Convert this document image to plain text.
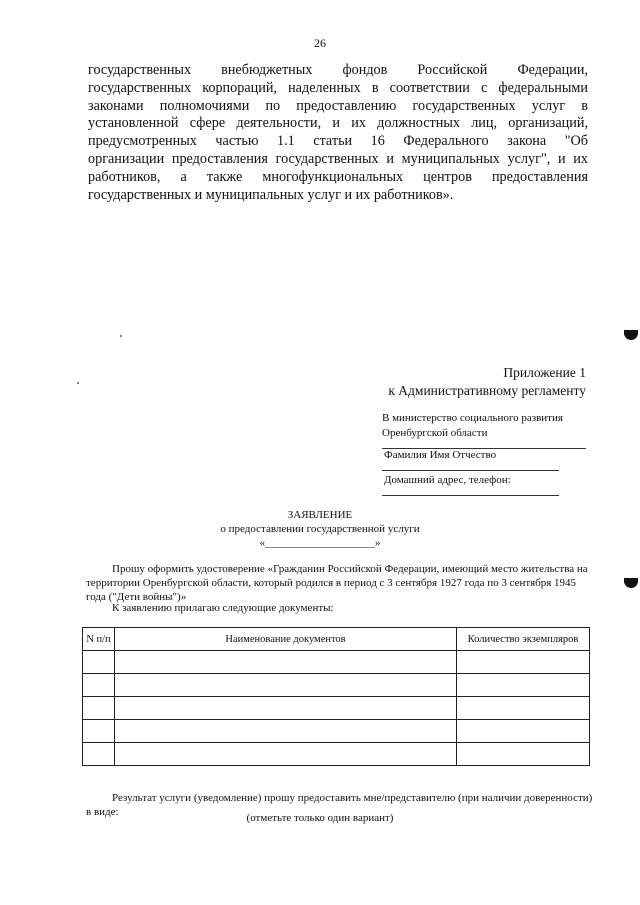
26
государственных внебюджетных фондов Российской Федерации,
государственных корпораций, наделенных в соответствии с федеральными
законами полномочиями по предоставлению государственных услуг в
установленной сфере деятельности, и их должностных лиц, организаций,
предусмотренных частью 1.1 статьи 16 Федерального закона "Об
организации предоставления государственных и муниципальных услуг", и их
работников, а также многофункциональных центров предоставления
государственных и муниципальных услуг и их работников».
Приложение 1
к Административному регламенту
В министерство социального развития
Оренбургской области
Фамилия Имя Отчество
Домашний адрес, телефон:
ЗАЯВЛЕНИЕ
о предоставлении государственной услуги
«____________________»
Прошу оформить удостоверение «Гражданин Российской Федерации, имеющий место жительства на
территории Оренбургской области, который родился в период с 3 сентября 1927 года по 3 сентября 1945
года ("Дети войны")»
К заявлению прилагаю следующие документы:
N п/п	Наименование документов	Количество экземпляров

Результат услуги (уведомление) прошу предоставить мне/представителю (при наличии доверенности)
в виде:	(отметьте только один вариант)
